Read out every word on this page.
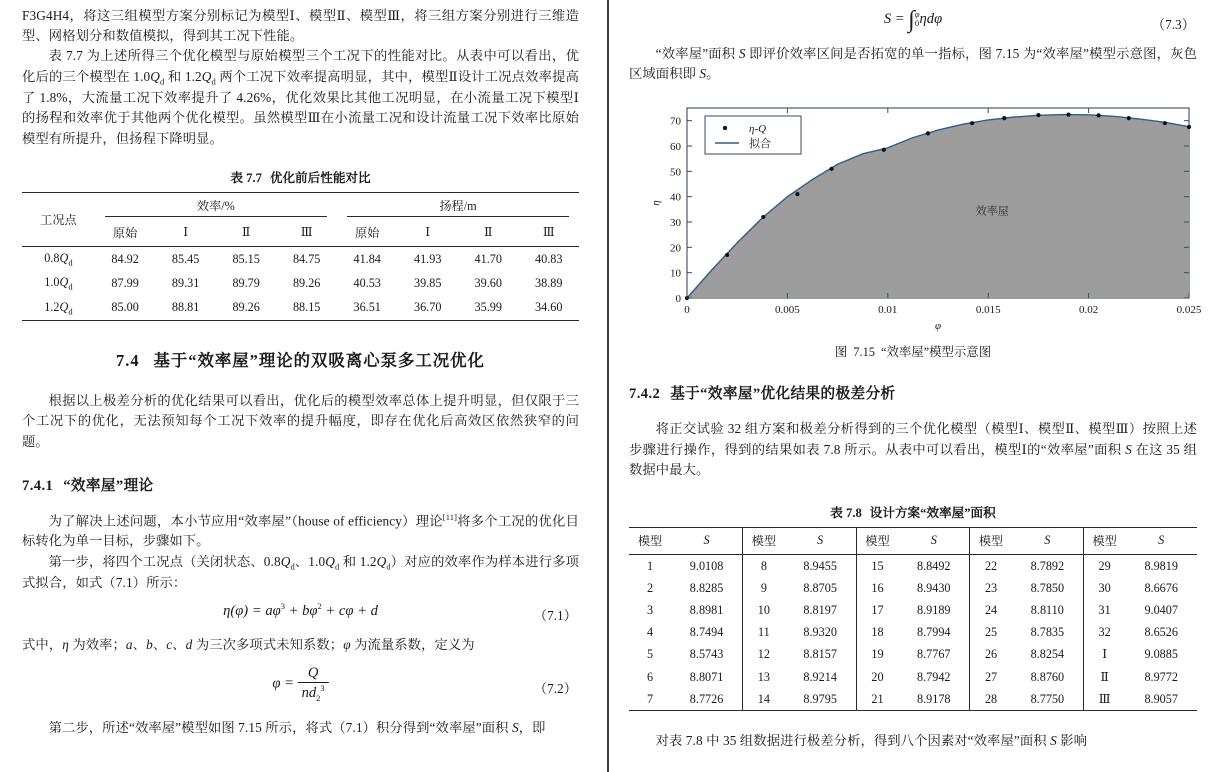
F3G4H4，将这三组模型方案分别标记为模型Ⅰ、模型Ⅱ、模型Ⅲ，将三组方案分别进行三维造型、网格划分和数值模拟，得到其工况下性能。

表 7.7 为上述所得三个优化模型与原始模型三个工况下的性能对比。从表中可以看出，优化后的三个模型在 $1.0Q_d$ 和 $1.2Q_d$ 两个工况下效率提高明显，其中，模型Ⅱ设计工况点效率提高了 1.8%，大流量工况下效率提升了 4.26%，优化效果比其他工况明显，在小流量工况下模型Ⅰ的扬程和效率优于其他两个优化模型。虽然模型Ⅲ在小流量工况和设计流量工况下效率比原始模型有所提升，但扬程下降明显。

表 7.7 优化前后性能对比
工况点	效率/%				扬程/m			

	原始	Ⅰ	Ⅱ	Ⅲ	原始	Ⅰ	Ⅱ	Ⅲ
$0.8Q_d$	84.92	85.45	85.15	84.75	41.84	41.93	41.70	40.83
$1.0Q_d$	87.99	89.31	89.79	89.26	40.53	39.85	39.60	38.89
$1.2Q_d$	85.00	88.81	89.26	88.15	36.51	36.70	35.99	34.60
7.4 基于“效率屋”理论的双吸离心泵多工况优化

根据以上极差分析的优化结果可以看出，优化后的模型效率总体上提升明显，但仅限于三个工况下的优化，无法预知每个工况下效率的提升幅度，即存在优化后高效区依然狭窄的问题。

7.4.1 “效率屋”理论

为了解决上述问题，本小节应用“效率屋”（house of efficiency）理论[11]将多个工况的优化目标转化为单一目标，步骤如下。

第一步，将四个工况点（关闭状态、$0.8Q_d$、$1.0Q_d$ 和 $1.2Q_d$）对应的效率作为样本进行多项式拟合，如式（7.1）所示：

$\eta(\varphi) = a\varphi^3 + b\varphi^2 + c\varphi + d$	（7.1）

式中，η 为效率；a、b、c、d 为三次多项式未知系数；φ 为流量系数，定义为

$\varphi = \frac{Q}{nd_2^3}$	（7.2）

第二步，所述“效率屋”模型如图 7.15 所示，将式（7.1）积分得到“效率屋”面积 S，即

S = ∫ φ
0 ηdφ	（7.3）

“效率屋”面积 S 即评价效率区间是否拓宽的单一指标，图 7.15 为“效率屋”模型示意图，灰色区域面积即 S。

0	0.005	0.01	0.015	0.02	0.025
0
10
20
30
40
50
60
70
η-Q
拟合
效率屋
φ
η
图 7.15 “效率屋”模型示意图
7.4.2 基于“效率屋”优化结果的极差分析

将正交试验 32 组方案和极差分析得到的三个优化模型（模型Ⅰ、模型Ⅱ、模型Ⅲ）按照上述步骤进行操作，得到的结果如表 7.8 所示。从表中可以看出，模型Ⅰ的“效率屋”面积 S 在这 35 组数据中最大。

表 7.8 设计方案“效率屋”面积
模型	S	模型	S	模型	S	模型	S	模型	S
1	9.0108	8	8.9455	15	8.8492	22	8.7892	29	8.9819
2	8.8285	9	8.8705	16	8.9430	23	8.7850	30	8.6676
3	8.8981	10	8.8197	17	8.9189	24	8.8110	31	9.0407
4	8.7494	11	8.9320	18	8.7994	25	8.7835	32	8.6526
5	8.5743	12	8.8157	19	8.7767	26	8.8254	Ⅰ	9.0885
6	8.8071	13	8.9214	20	8.7942	27	8.8760	Ⅱ	8.9772
7	8.7726	14	8.9795	21	8.9178	28	8.7750	Ⅲ	8.9057

对表 7.8 中 35 组数据进行极差分析，得到八个因素对“效率屋”面积 S 影响
